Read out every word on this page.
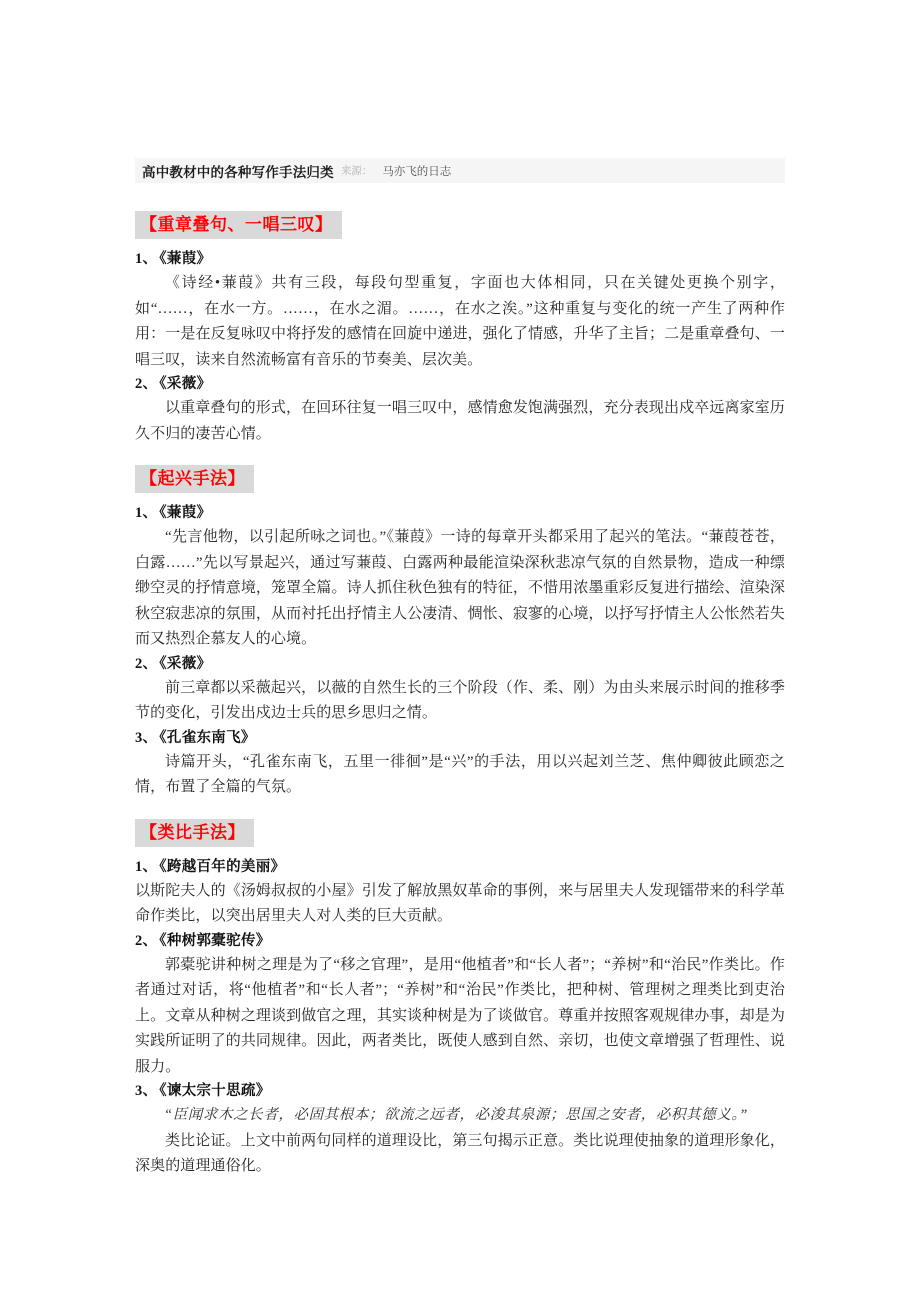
高中教材中的各种写作手法归类 来源： 马亦飞的日志
【重章叠句、一唱三叹】

1、 《蒹葭》

《诗经•蒹葭》共有三段，每段句型重复，字面也大体相同，只在关键处更换个别字，如“……，在水一方。……，在水之湄。……，在水之涘。”这种重复与变化的统一产生了两种作用：一是在反复咏叹中将抒发的感情在回旋中递进，强化了情感，升华了主旨；二是重章叠句、一唱三叹，读来自然流畅富有音乐的节奏美、层次美。

2、 《采薇》

以重章叠句的形式，在回环往复一唱三叹中，感情愈发饱满强烈，充分表现出戍卒远离家室历久不归的凄苦心情。

【起兴手法】

1、 《蒹葭》

“先言他物，以引起所咏之词也。”《蒹葭》一诗的每章开头都采用了起兴的笔法。“蒹葭苍苍，白露……”先以写景起兴，通过写蒹葭、白露两种最能渲染深秋悲凉气氛的自然景物，造成一种缥缈空灵的抒情意境，笼罩全篇。诗人抓住秋色独有的特征，不惜用浓墨重彩反复进行描绘、渲染深秋空寂悲凉的氛围，从而衬托出抒情主人公凄清、惆怅、寂寥的心境，以抒写抒情主人公怅然若失而又热烈企慕友人的心境。

2、 《采薇》

前三章都以采薇起兴，以薇的自然生长的三个阶段（作、柔、刚）为由头来展示时间的推移季节的变化，引发出戍边士兵的思乡思归之情。

3、 《孔雀东南飞》

诗篇开头，“孔雀东南飞，五里一徘徊”是“兴”的手法，用以兴起刘兰芝、焦仲卿彼此顾恋之情，布置了全篇的气氛。

【类比手法】

1、 《跨越百年的美丽》

以斯陀夫人的《汤姆叔叔的小屋》引发了解放黑奴革命的事例，来与居里夫人发现镭带来的科学革命作类比，以突出居里夫人对人类的巨大贡献。

2、 《种树郭橐驼传》

郭橐驼讲种树之理是为了“移之官理”，是用“他植者”和“长人者”；“养树”和“治民”作类比。作者通过对话，将“他植者”和“长人者”；“养树”和“治民”作类比，把种树、管理树之理类比到吏治上。文章从种树之理谈到做官之理，其实谈种树是为了谈做官。尊重并按照客观规律办事，却是为实践所证明了的共同规律。因此，两者类比，既使人感到自然、亲切，也使文章增强了哲理性、说服力。

3、 《谏太宗十思疏》

“臣闻求木之长者，必固其根本；欲流之远者，必浚其泉源；思国之安者，必积其德义。”

类比论证。上文中前两句同样的道理设比，第三句揭示正意。类比说理使抽象的道理形象化，深奥的道理通俗化。
